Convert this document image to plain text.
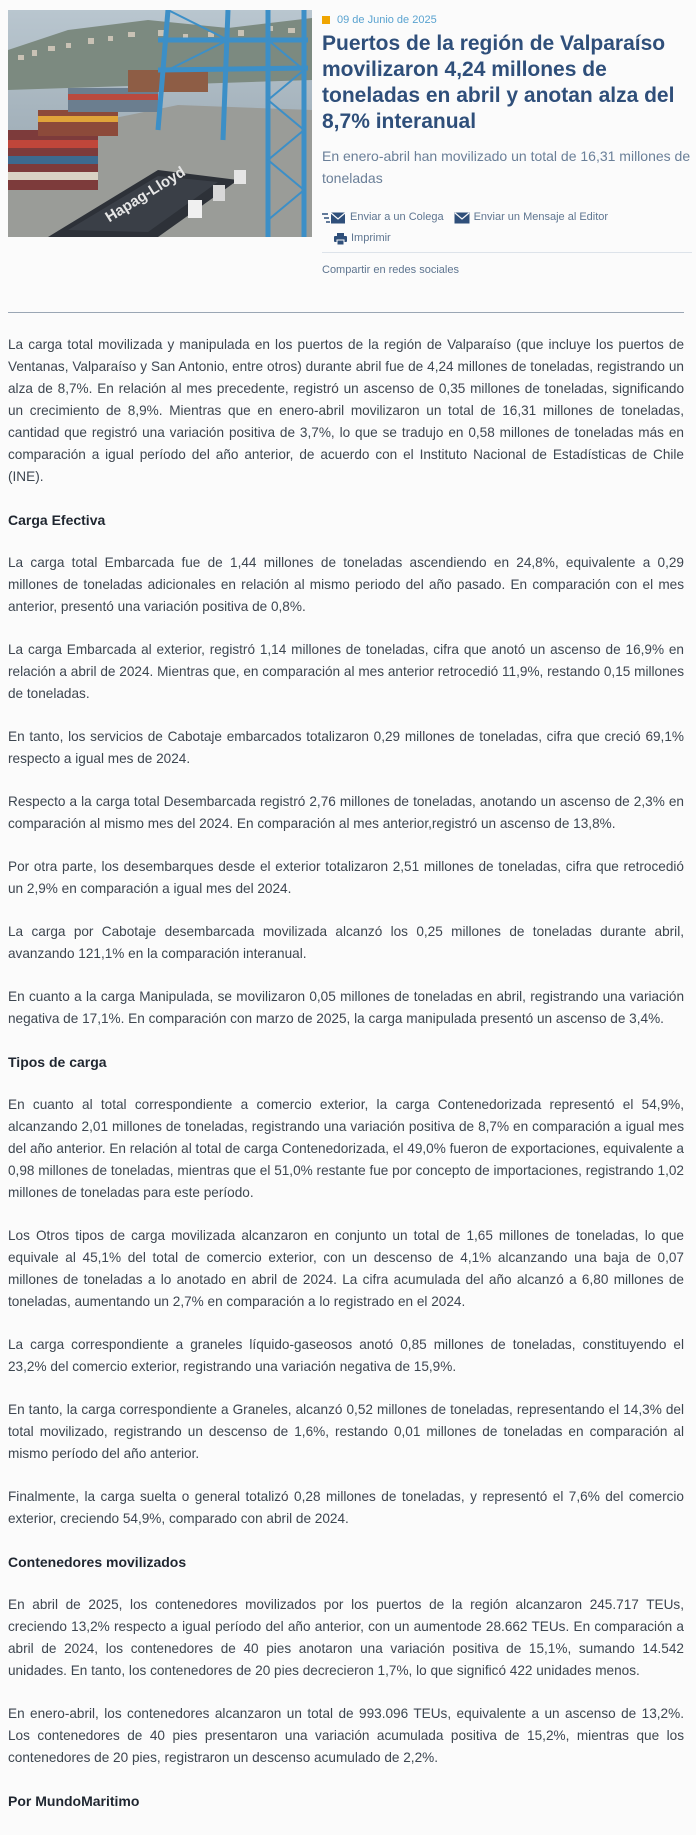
Hapag-Lloyd
09 de Junio de 2025
Puertos de la región de Valparaíso movilizaron 4,24 millones de toneladas en abril y anotan alza del 8,7% interanual

En enero-abril han movilizado un total de 16,31 millones de toneladas

Enviar a un Colega	Enviar un Mensaje al Editor
Imprimir
Compartir en redes sociales

La carga total movilizada y manipulada en los puertos de la región de Valparaíso (que incluye los puertos de Ventanas, Valparaíso y San Antonio, entre otros) durante abril fue de 4,24 millones de toneladas, registrando un alza de 8,7%. En relación al mes precedente, registró un ascenso de 0,35 millones de toneladas, significando un crecimiento de 8,9%. Mientras que en enero-abril movilizaron un total de 16,31 millones de toneladas, cantidad que registró una variación positiva de 3,7%, lo que se tradujo en 0,58 millones de toneladas más en comparación a igual período del año anterior, de acuerdo con el Instituto Nacional de Estadísticas de Chile (INE).

Carga Efectiva

La carga total Embarcada fue de 1,44 millones de toneladas ascendiendo en 24,8%, equivalente a 0,29 millones de toneladas adicionales en relación al mismo periodo del año pasado. En comparación con el mes anterior, presentó una variación positiva de 0,8%.

La carga Embarcada al exterior, registró 1,14 millones de toneladas, cifra que anotó un ascenso de 16,9% en relación a abril de 2024. Mientras que, en comparación al mes anterior retrocedió 11,9%, restando 0,15 millones de toneladas.

En tanto, los servicios de Cabotaje embarcados totalizaron 0,29 millones de toneladas, cifra que creció 69,1% respecto a igual mes de 2024.

Respecto a la carga total Desembarcada registró 2,76 millones de toneladas, anotando un ascenso de 2,3% en comparación al mismo mes del 2024. En comparación al mes anterior,registró un ascenso de 13,8%.

Por otra parte, los desembarques desde el exterior totalizaron 2,51 millones de toneladas, cifra que retrocedió un 2,9% en comparación a igual mes del 2024.

La carga por Cabotaje desembarcada movilizada alcanzó los 0,25 millones de toneladas durante abril, avanzando 121,1% en la comparación interanual.

En cuanto a la carga Manipulada, se movilizaron 0,05 millones de toneladas en abril, registrando una variación negativa de 17,1%. En comparación con marzo de 2025, la carga manipulada presentó un ascenso de 3,4%.

Tipos de carga

En cuanto al total correspondiente a comercio exterior, la carga Contenedorizada representó el 54,9%, alcanzando 2,01 millones de toneladas, registrando una variación positiva de 8,7% en comparación a igual mes del año anterior. En relación al total de carga Contenedorizada, el 49,0% fueron de exportaciones, equivalente a 0,98 millones de toneladas, mientras que el 51,0% restante fue por concepto de importaciones, registrando 1,02 millones de toneladas para este período.

Los Otros tipos de carga movilizada alcanzaron en conjunto un total de 1,65 millones de toneladas, lo que equivale al 45,1% del total de comercio exterior, con un descenso de 4,1% alcanzando una baja de 0,07 millones de toneladas a lo anotado en abril de 2024. La cifra acumulada del año alcanzó a 6,80 millones de toneladas, aumentando un 2,7% en comparación a lo registrado en el 2024.

La carga correspondiente a graneles líquido-gaseosos anotó 0,85 millones de toneladas, constituyendo el 23,2% del comercio exterior, registrando una variación negativa de 15,9%.

En tanto, la carga correspondiente a Graneles, alcanzó 0,52 millones de toneladas, representando el 14,3% del total movilizado, registrando un descenso de 1,6%, restando 0,01 millones de toneladas en comparación al mismo período del año anterior.

Finalmente, la carga suelta o general totalizó 0,28 millones de toneladas, y representó el 7,6% del comercio exterior, creciendo 54,9%, comparado con abril de 2024.

Contenedores movilizados

En abril de 2025, los contenedores movilizados por los puertos de la región alcanzaron 245.717 TEUs, creciendo 13,2% respecto a igual período del año anterior, con un aumentode 28.662 TEUs. En comparación a abril de 2024, los contenedores de 40 pies anotaron una variación positiva de 15,1%, sumando 14.542 unidades. En tanto, los contenedores de 20 pies decrecieron 1,7%, lo que significó 422 unidades menos.

En enero-abril, los contenedores alcanzaron un total de 993.096 TEUs, equivalente a un ascenso de 13,2%. Los contenedores de 40 pies presentaron una variación acumulada positiva de 15,2%, mientras que los contenedores de 20 pies, registraron un descenso acumulado de 2,2%.

Por MundoMaritimo
